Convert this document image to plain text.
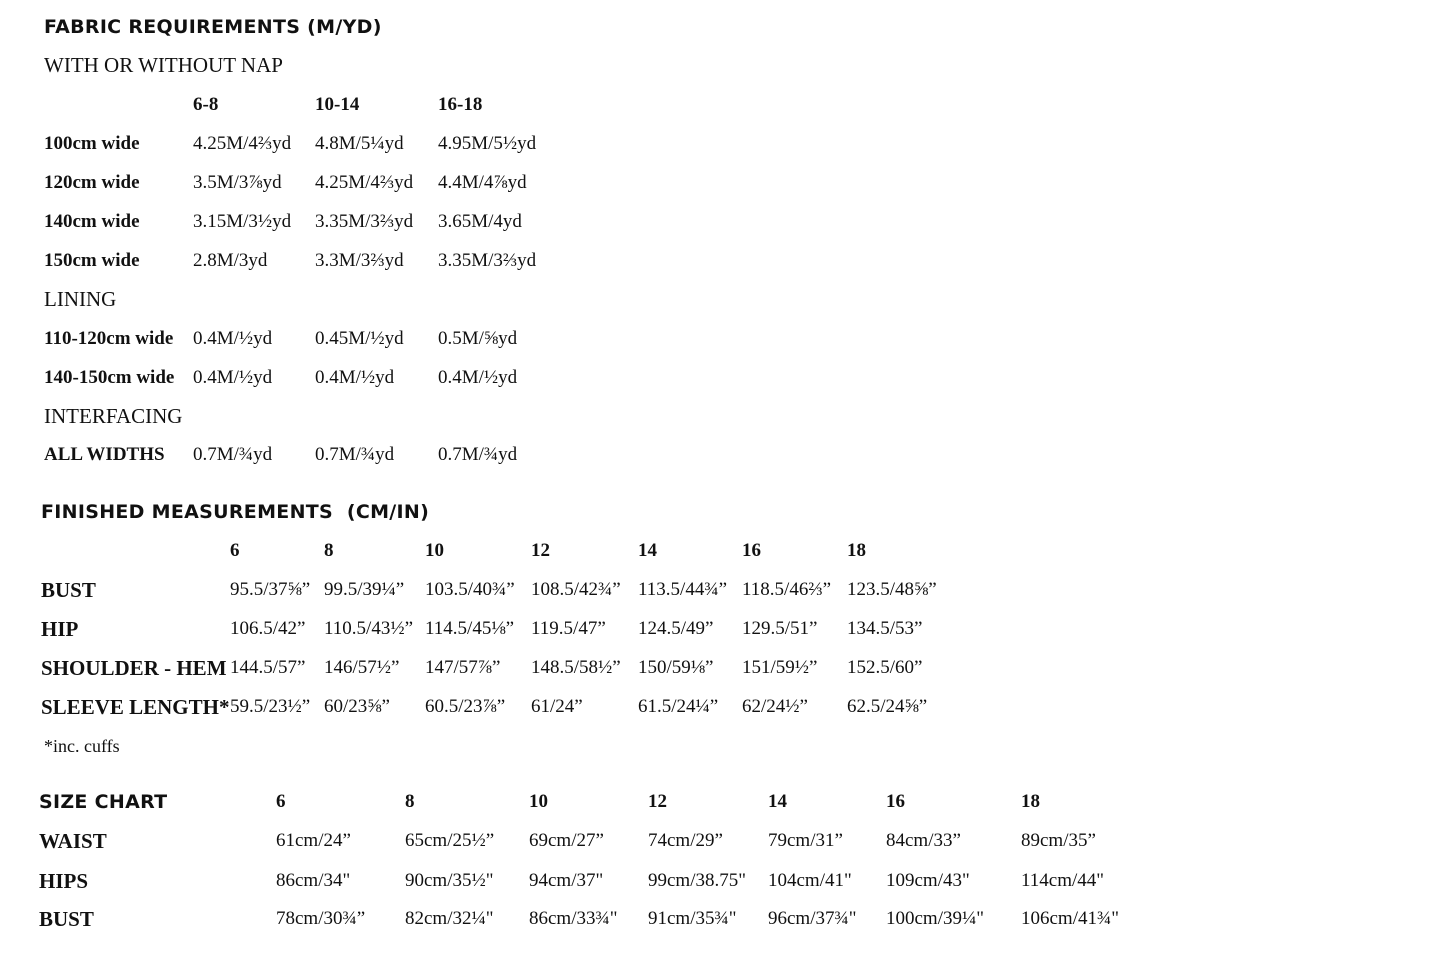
FABRIC REQUIREMENTS (M/YD)
WITH OR WITHOUT NAP
6-8	10-14	16-18
100cm wide	4.25M/4⅔yd 4.8M/5¼yd 4.95M/5½yd
120cm wide	3.5M/3⅞yd 4.25M/4⅔yd 4.4M/4⅞yd
140cm wide	3.15M/3½yd 3.35M/3⅔yd 3.65M/4yd
150cm wide	2.8M/3yd	3.3M/3⅔yd 3.35M/3⅔yd
LINING
110-120cm wide 0.4M/½yd 0.45M/½yd 0.5M/⅝yd
140-150cm wide 0.4M/½yd 0.4M/½yd 0.4M/½yd
INTERFACING
ALL WIDTHS 0.7M/¾yd 0.7M/¾yd 0.7M/¾yd
FINISHED MEASUREMENTS  (CM/IN)
6	8	10	12	14	16	18
BUST	95.5/37⅝” 99.5/39¼” 103.5/40¾” 108.5/42¾” 113.5/44¾” 118.5/46⅔” 123.5/48⅝”
HIP	106.5/42” 110.5/43½” 114.5/45⅛” 119.5/47” 124.5/49” 129.5/51” 134.5/53”
SHOULDER - HEM 144.5/57” 146/57½” 147/57⅞” 148.5/58½” 150/59⅛” 151/59½” 152.5/60”
SLEEVE LENGTH* 59.5/23½” 60/23⅝” 60.5/23⅞” 61/24”	61.5/24¼” 62/24½” 62.5/24⅝”
*inc. cuffs
SIZE CHART	6	8	10	12	14	16	18
WAIST	61cm/24”	65cm/25½” 69cm/27” 74cm/29” 79cm/31” 84cm/33”	89cm/35”
HIPS	86cm/34"	90cm/35½" 94cm/37" 99cm/38.75" 104cm/41" 109cm/43"	114cm/44"
BUST	78cm/30¾” 82cm/32¼" 86cm/33¾" 91cm/35¾" 96cm/37¾" 100cm/39¼" 106cm/41¾"
